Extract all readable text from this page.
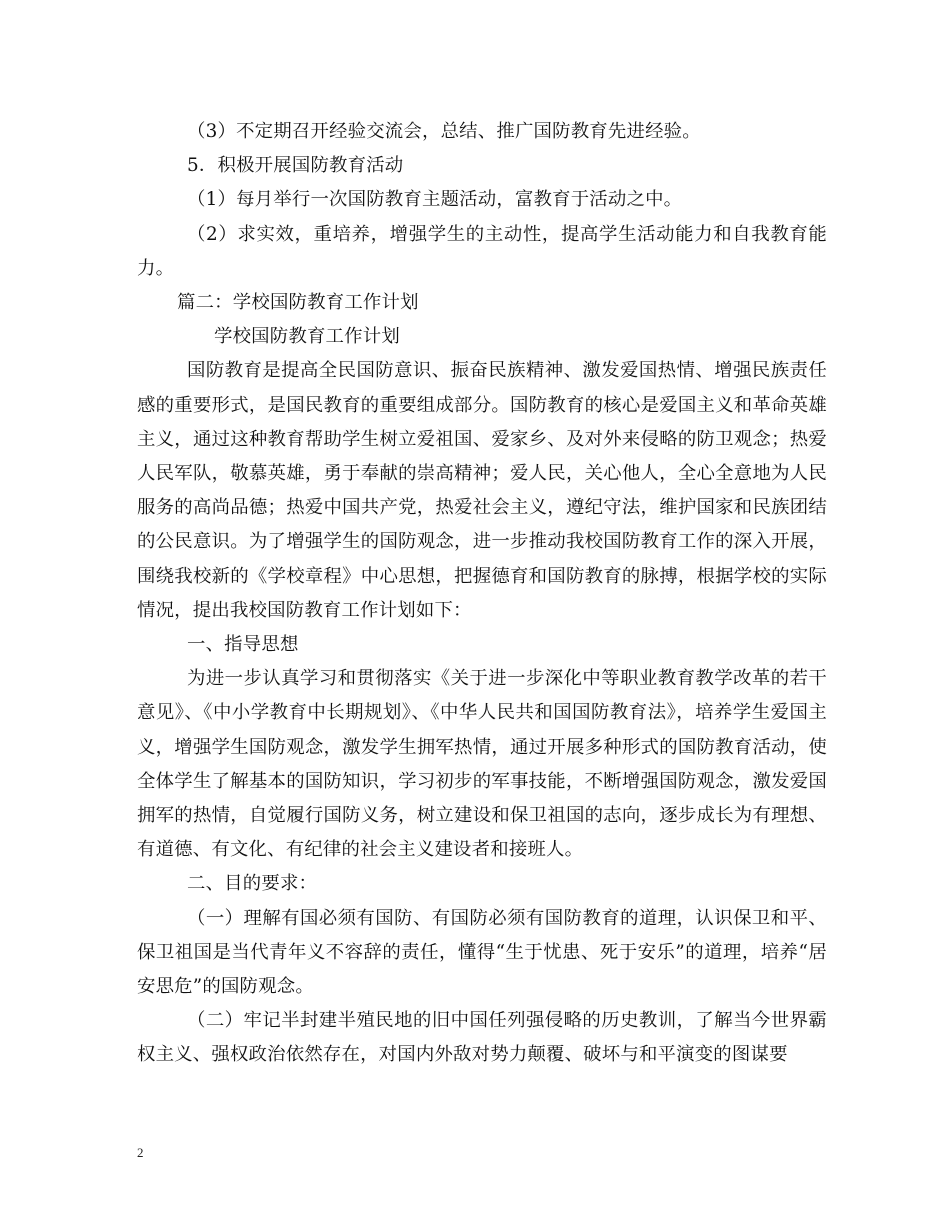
（3）不定期召开经验交流会，总结、推广国防教育先进经验。

5．积极开展国防教育活动

（1）每月举行一次国防教育主题活动，富教育于活动之中。

（2）求实效，重培养，增强学生的主动性，提高学生活动能力和自我教育能力。

篇二：学校国防教育工作计划

学校国防教育工作计划

国防教育是提高全民国防意识、振奋民族精神、激发爱国热情、增强民族责任感的重要形式，是国民教育的重要组成部分。国防教育的核心是爱国主义和革命英雄主义，通过这种教育帮助学生树立爱祖国、爱家乡、及对外来侵略的防卫观念；热爱人民军队，敬慕英雄，勇于奉献的崇高精神；爱人民，关心他人，全心全意地为人民服务的高尚品德；热爱中国共产党，热爱社会主义，遵纪守法，维护国家和民族团结的公民意识。为了增强学生的国防观念，进一步推动我校国防教育工作的深入开展，围绕我校新的《学校章程》中心思想，把握德育和国防教育的脉搏，根据学校的实际情况，提出我校国防教育工作计划如下：

一、指导思想

为进一步认真学习和贯彻落实《关于进一步深化中等职业教育教学改革的若干意见》、《中小学教育中长期规划》、《中华人民共和国国防教育法》，培养学生爱国主义，增强学生国防观念，激发学生拥军热情，通过开展多种形式的国防教育活动，使全体学生了解基本的国防知识，学习初步的军事技能，不断增强国防观念，激发爱国拥军的热情，自觉履行国防义务，树立建设和保卫祖国的志向，逐步成长为有理想、有道德、有文化、有纪律的社会主义建设者和接班人。

二、目的要求：

（一）理解有国必须有国防、有国防必须有国防教育的道理，认识保卫和平、保卫祖国是当代青年义不容辞的责任，懂得“生于忧患、死于安乐”的道理，培养“居安思危”的国防观念。

（二）牢记半封建半殖民地的旧中国任列强侵略的历史教训，了解当今世界霸权主义、强权政治依然存在，对国内外敌对势力颠覆、破坏与和平演变的图谋要

2
